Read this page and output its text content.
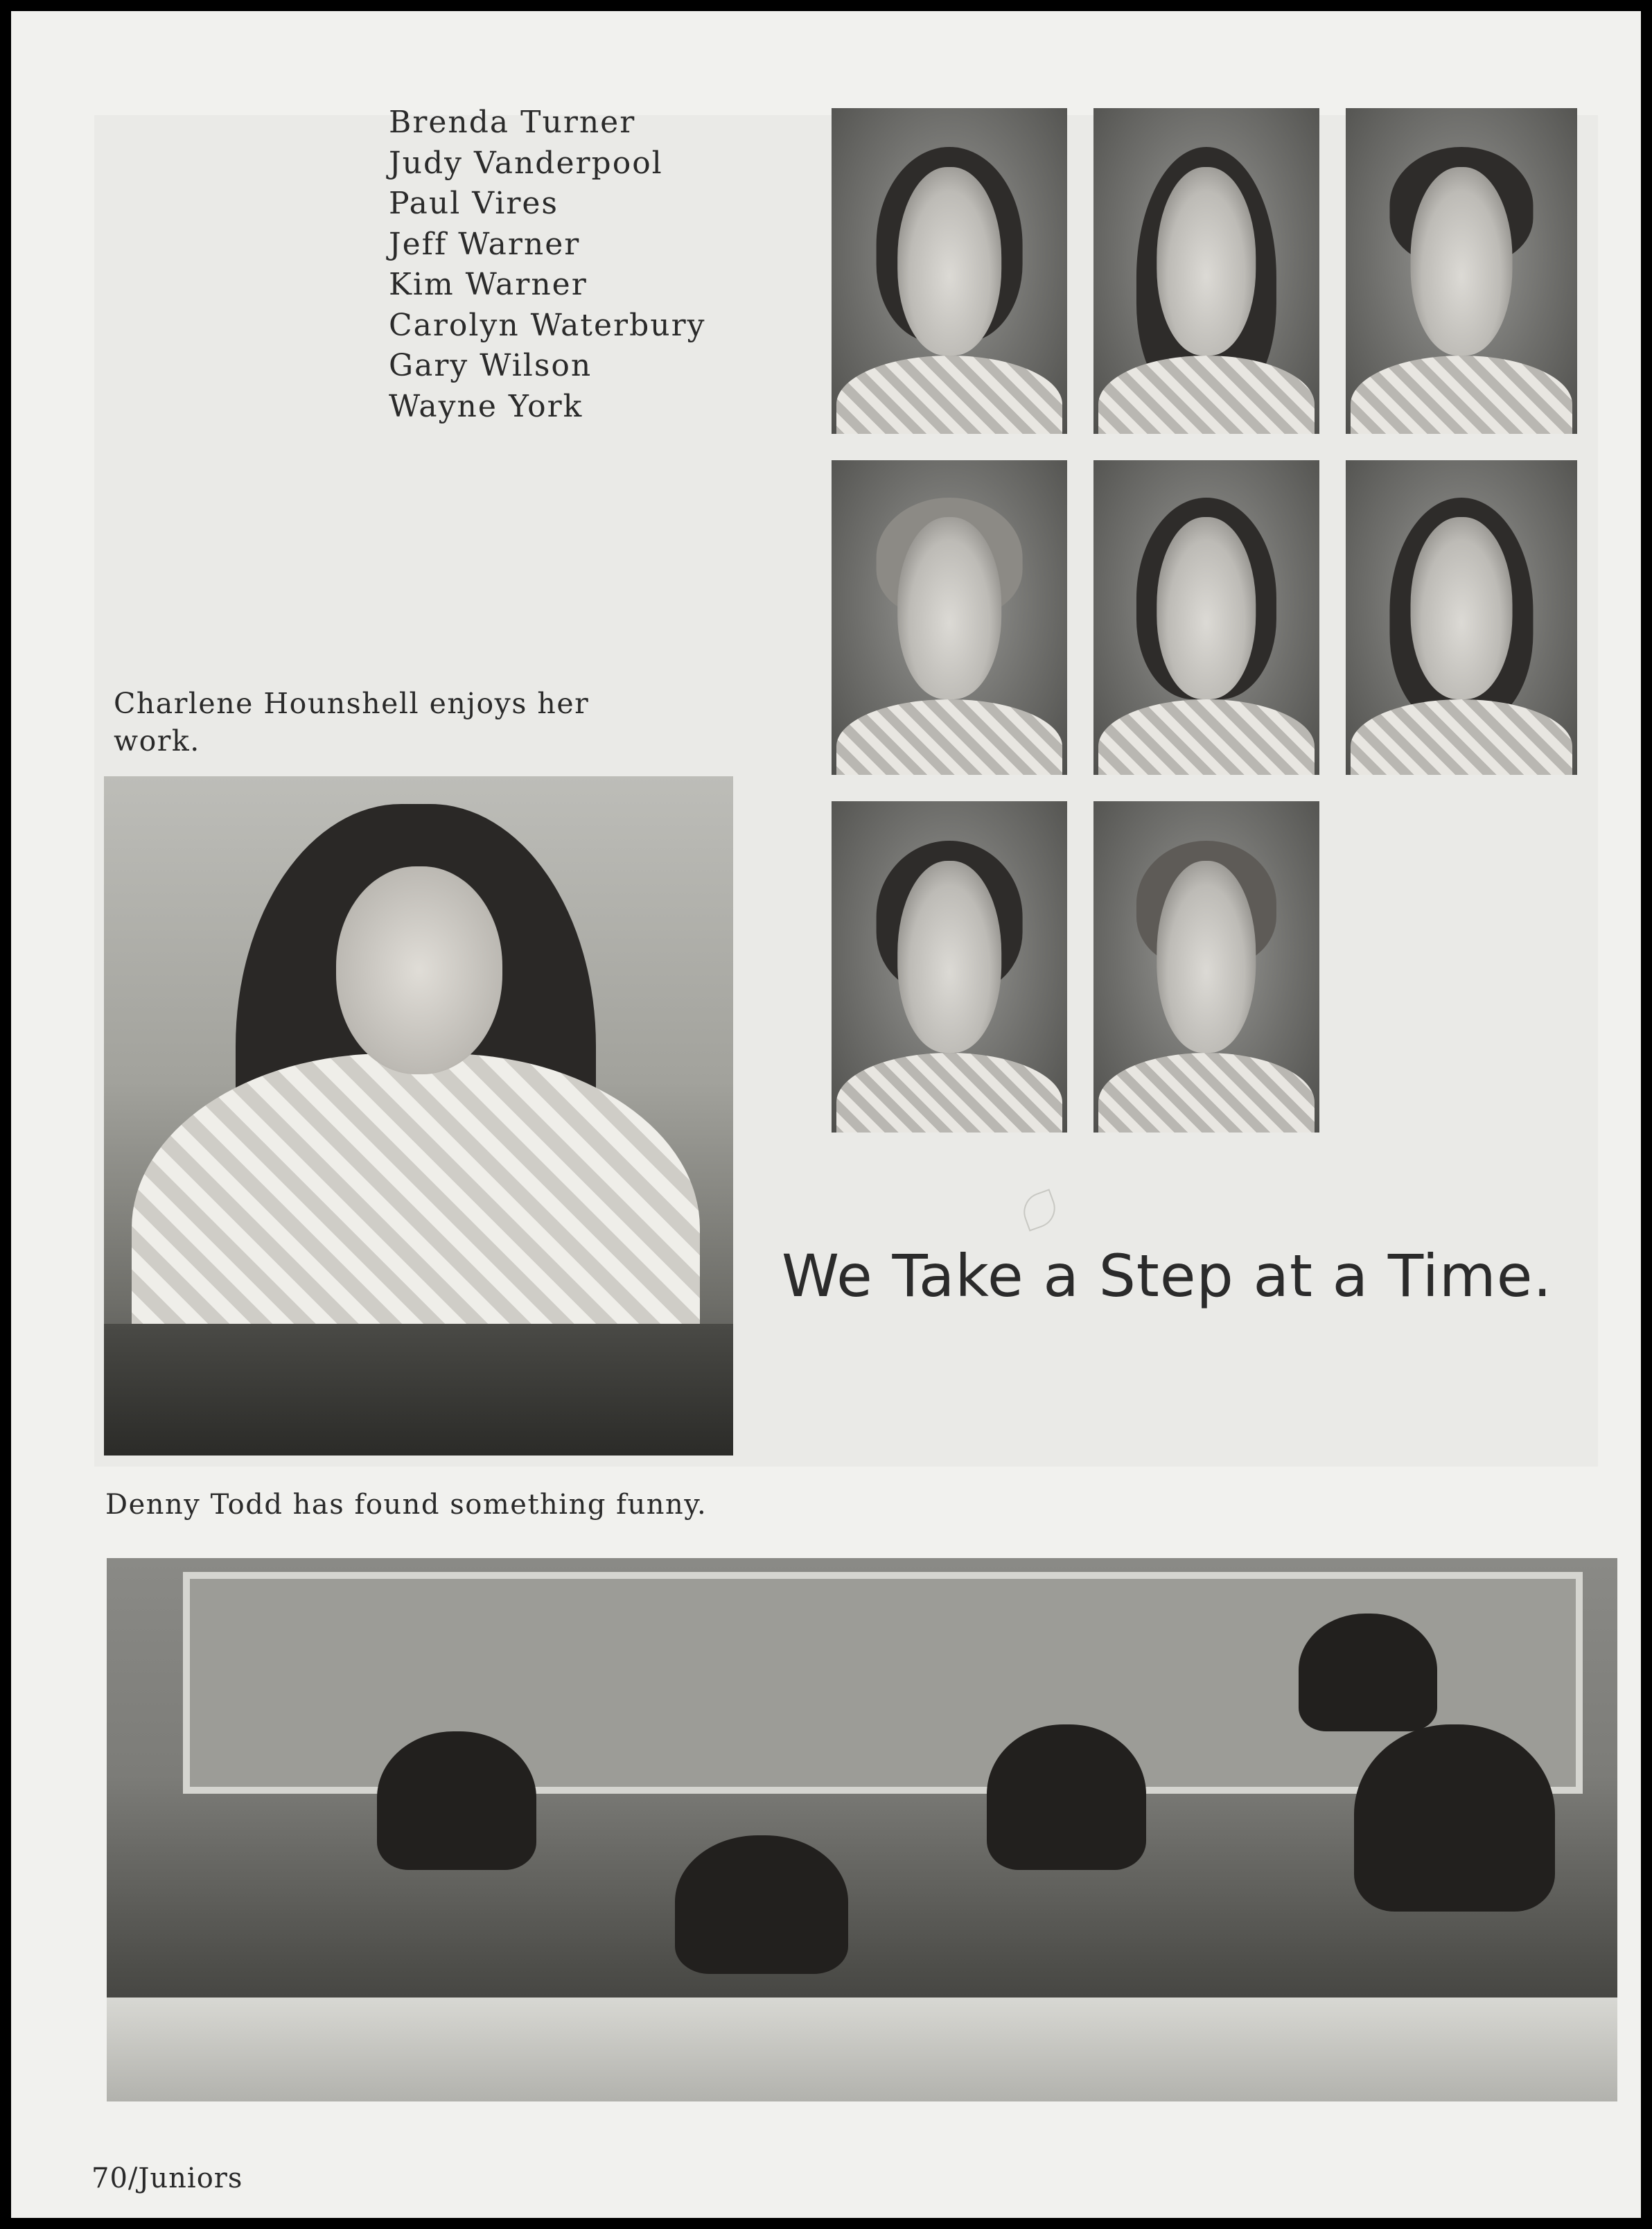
Brenda Turner
Judy Vanderpool
Paul Vires
Jeff Warner
Kim Warner
Carolyn Waterbury
Gary Wilson
Wayne York

Charlene Hounshell enjoys her work.

We Take a Step at a Time.

Denny Todd has found something funny.

70/Juniors
